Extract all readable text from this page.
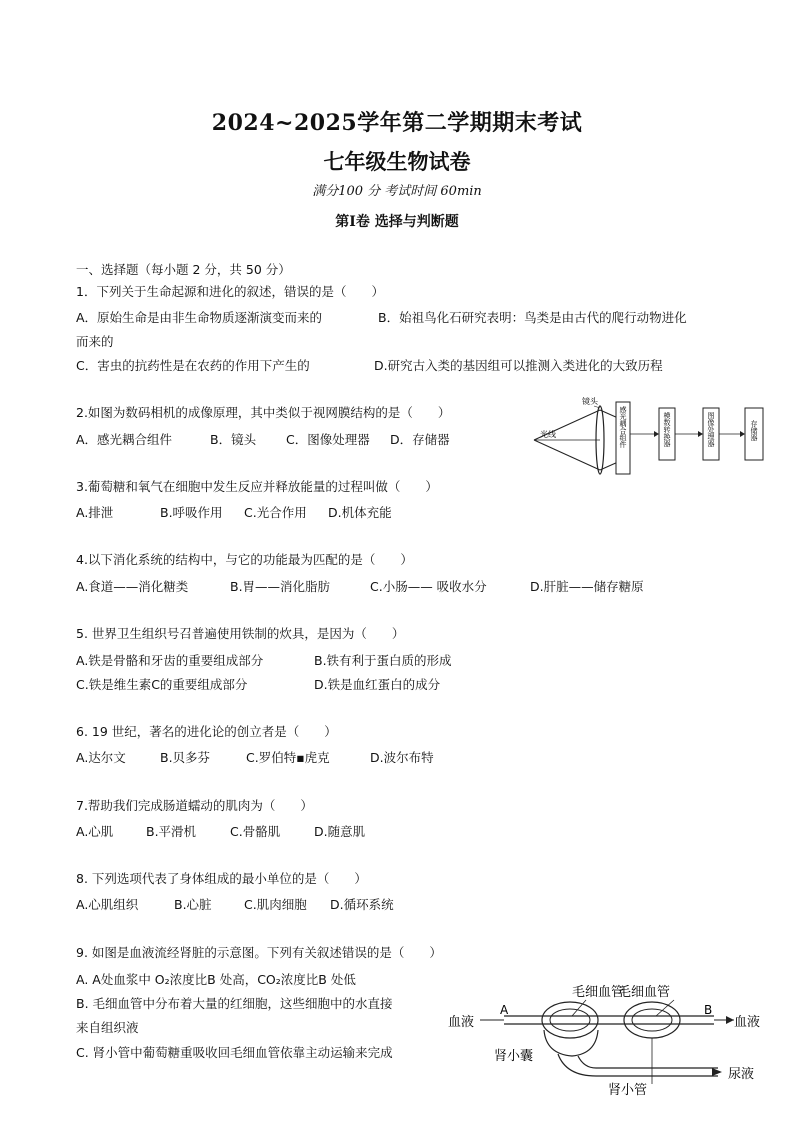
2024~2025学年第二学期期末考试
七年级生物试卷
满分100 分 考试时间 60min
第Ⅰ卷 选择与判断题
一、选择题（每小题 2 分，共 50 分）
1．下列关于生命起源和进化的叙述，错误的是（　　）
A．原始生命是由非生命物质逐渐演变而来的	B．始祖鸟化石研究表明：鸟类是由古代的爬行动物进化
而来的
C．害虫的抗药性是在农药的作用下产生的	D.研究古入类的基因组可以推测入类进化的大致历程
2.如图为数码相机的成像原理，其中类似于视网膜结构的是（　　）
A．感光耦合组件	B．镜头 C．图像处理器 D．存储器	光线
镜头
感光耦合组件	模数转换器	图像处理器	存储器
3.葡萄糖和氧气在细胞中发生反应并释放能量的过程叫做（　　）
A.排泄	B.呼吸作用 C.光合作用 D.机体充能
4.以下消化系统的结构中，与它的功能最为匹配的是（　　）
A.食道——消化糖类	B.胃——消化脂肪	C.小肠—— 吸收水分	D.肝脏——储存糖原
5. 世界卫生组织号召普遍使用铁制的炊具，是因为（　　）
A.铁是骨骼和牙齿的重要组成部分	B.铁有利于蛋白质的形成
C.铁是维生素C的重要组成部分	D.铁是血红蛋白的成分
6. 19 世纪，著名的进化论的创立者是（　　）
A.达尔文	B.贝多芬	C.罗伯特▪虎克	D.波尔布特
7.帮助我们完成肠道蠕动的肌肉为（　　）
A.心肌	B.平滑机	C.骨骼肌	D.随意肌
8. 下列选项代表了身体组成的最小单位的是（　　）
A.心肌组织	B.心脏	C.肌肉细胞 D.循环系统
9. 如图是血液流经肾脏的示意图。下列有关叙述错误的是（　　）
A. A处血浆中 O₂浓度比B 处高，CO₂浓度比B 处低
B. 毛细血管中分布着大量的红细胞，这些细胞中的水直接
来自组织液
C. 肾小管中葡萄糖重吸收回毛细血管依靠主动运输来完成
毛细血管
毛细血管
血液
A	B
血液
肾小囊
尿液
肾小管
